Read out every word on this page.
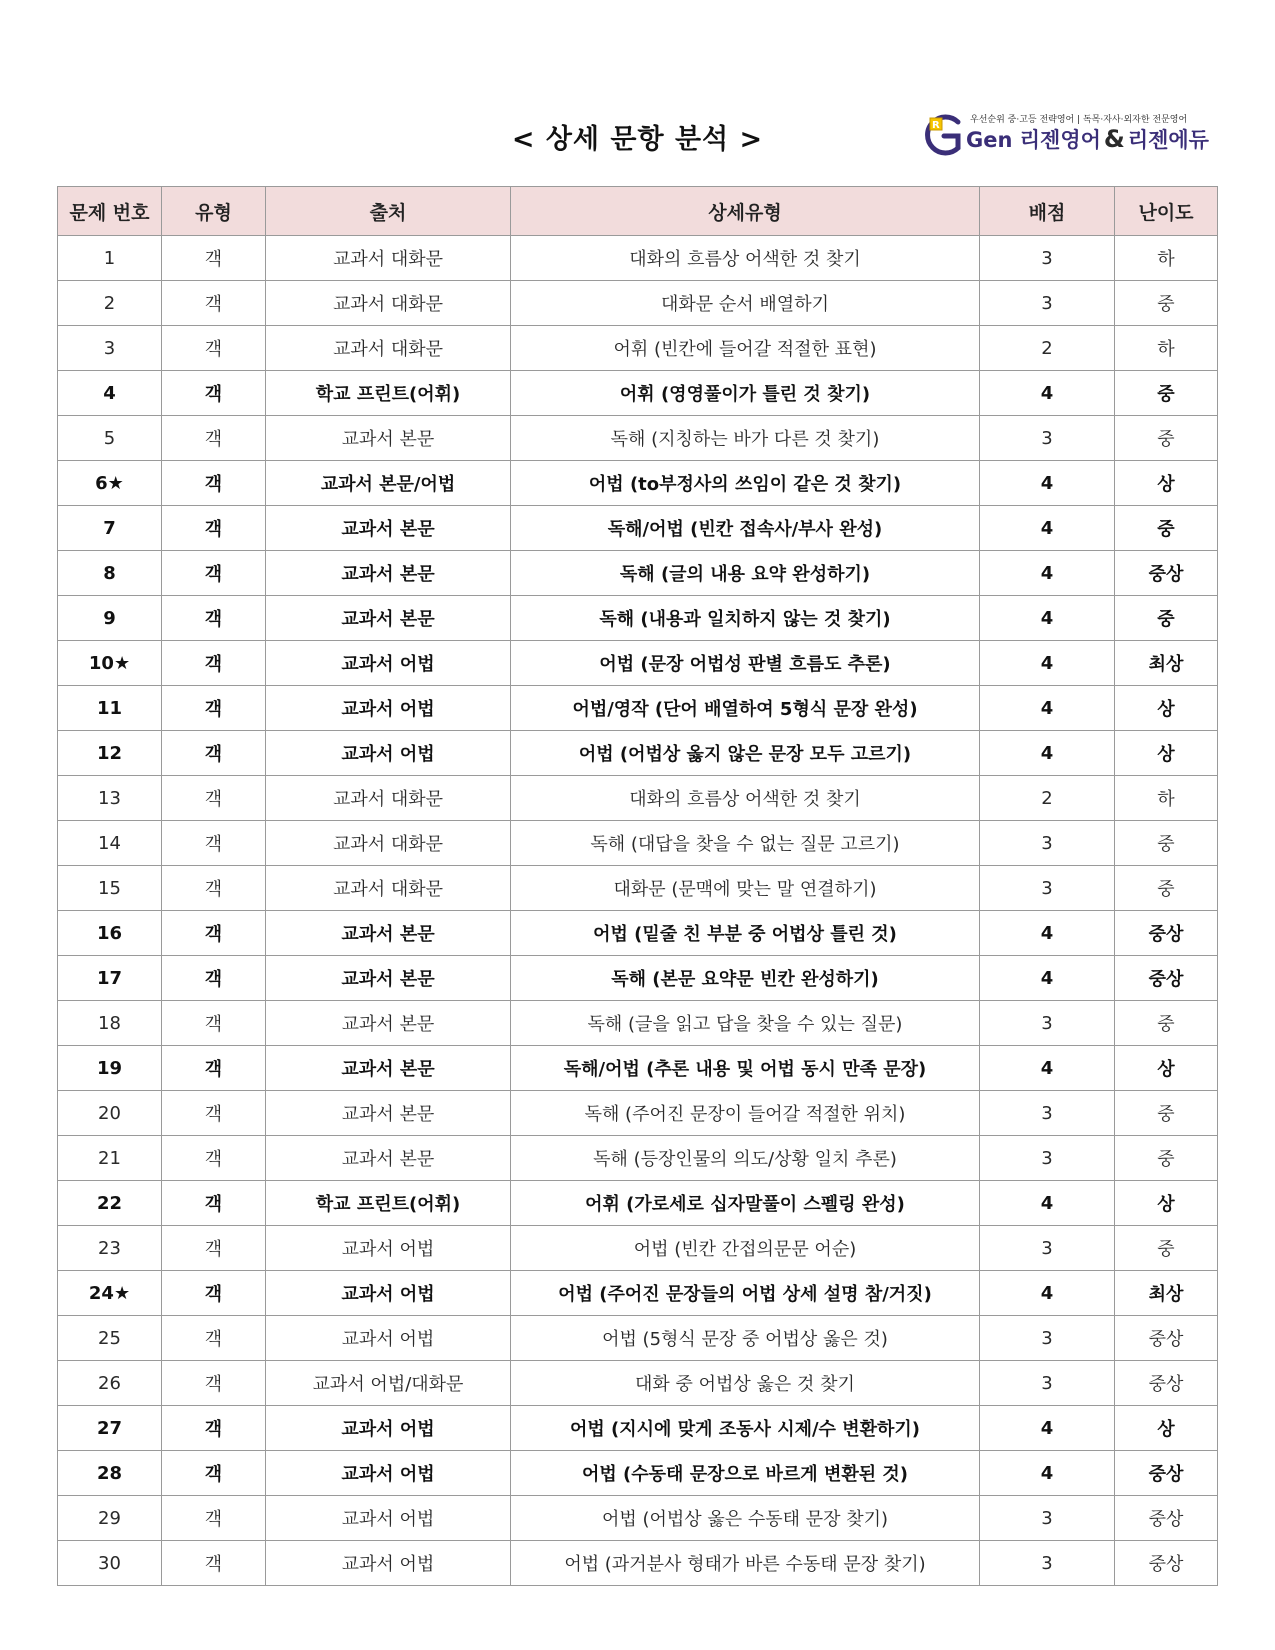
< 상세 문항 분석 >	R	우선순위 중·고등 전략영어 | 독목·자사·외자한 전문영어
Gen 리젠영어 & 리젠에듀
문제 번호	유형	출처	상세유형	배점	난이도
1	객	교과서 대화문	대화의 흐름상 어색한 것 찾기	3	하
2	객	교과서 대화문	대화문 순서 배열하기	3	중
3	객	교과서 대화문	어휘 (빈칸에 들어갈 적절한 표현)	2	하
4	객	학교 프린트(어휘)	어휘 (영영풀이가 틀린 것 찾기)	4	중
5	객	교과서 본문	독해 (지칭하는 바가 다른 것 찾기)	3	중
6★	객	교과서 본문/어법	어법 (to부정사의 쓰임이 같은 것 찾기)	4	상
7	객	교과서 본문	독해/어법 (빈칸 접속사/부사 완성)	4	중
8	객	교과서 본문	독해 (글의 내용 요약 완성하기)	4	중상
9	객	교과서 본문	독해 (내용과 일치하지 않는 것 찾기)	4	중
10★	객	교과서 어법	어법 (문장 어법성 판별 흐름도 추론)	4	최상
11	객	교과서 어법	어법/영작 (단어 배열하여 5형식 문장 완성)	4	상
12	객	교과서 어법	어법 (어법상 옳지 않은 문장 모두 고르기)	4	상
13	객	교과서 대화문	대화의 흐름상 어색한 것 찾기	2	하
14	객	교과서 대화문	독해 (대답을 찾을 수 없는 질문 고르기)	3	중
15	객	교과서 대화문	대화문 (문맥에 맞는 말 연결하기)	3	중
16	객	교과서 본문	어법 (밑줄 친 부분 중 어법상 틀린 것)	4	중상
17	객	교과서 본문	독해 (본문 요약문 빈칸 완성하기)	4	중상
18	객	교과서 본문	독해 (글을 읽고 답을 찾을 수 있는 질문)	3	중
19	객	교과서 본문	독해/어법 (추론 내용 및 어법 동시 만족 문장)	4	상
20	객	교과서 본문	독해 (주어진 문장이 들어갈 적절한 위치)	3	중
21	객	교과서 본문	독해 (등장인물의 의도/상황 일치 추론)	3	중
22	객	학교 프린트(어휘)	어휘 (가로세로 십자말풀이 스펠링 완성)	4	상
23	객	교과서 어법	어법 (빈칸 간접의문문 어순)	3	중
24★	객	교과서 어법	어법 (주어진 문장들의 어법 상세 설명 참/거짓)	4	최상
25	객	교과서 어법	어법 (5형식 문장 중 어법상 옳은 것)	3	중상
26	객	교과서 어법/대화문	대화 중 어법상 옳은 것 찾기	3	중상
27	객	교과서 어법	어법 (지시에 맞게 조동사 시제/수 변환하기)	4	상
28	객	교과서 어법	어법 (수동태 문장으로 바르게 변환된 것)	4	중상
29	객	교과서 어법	어법 (어법상 옳은 수동태 문장 찾기)	3	중상
30	객	교과서 어법	어법 (과거분사 형태가 바른 수동태 문장 찾기)	3	중상
